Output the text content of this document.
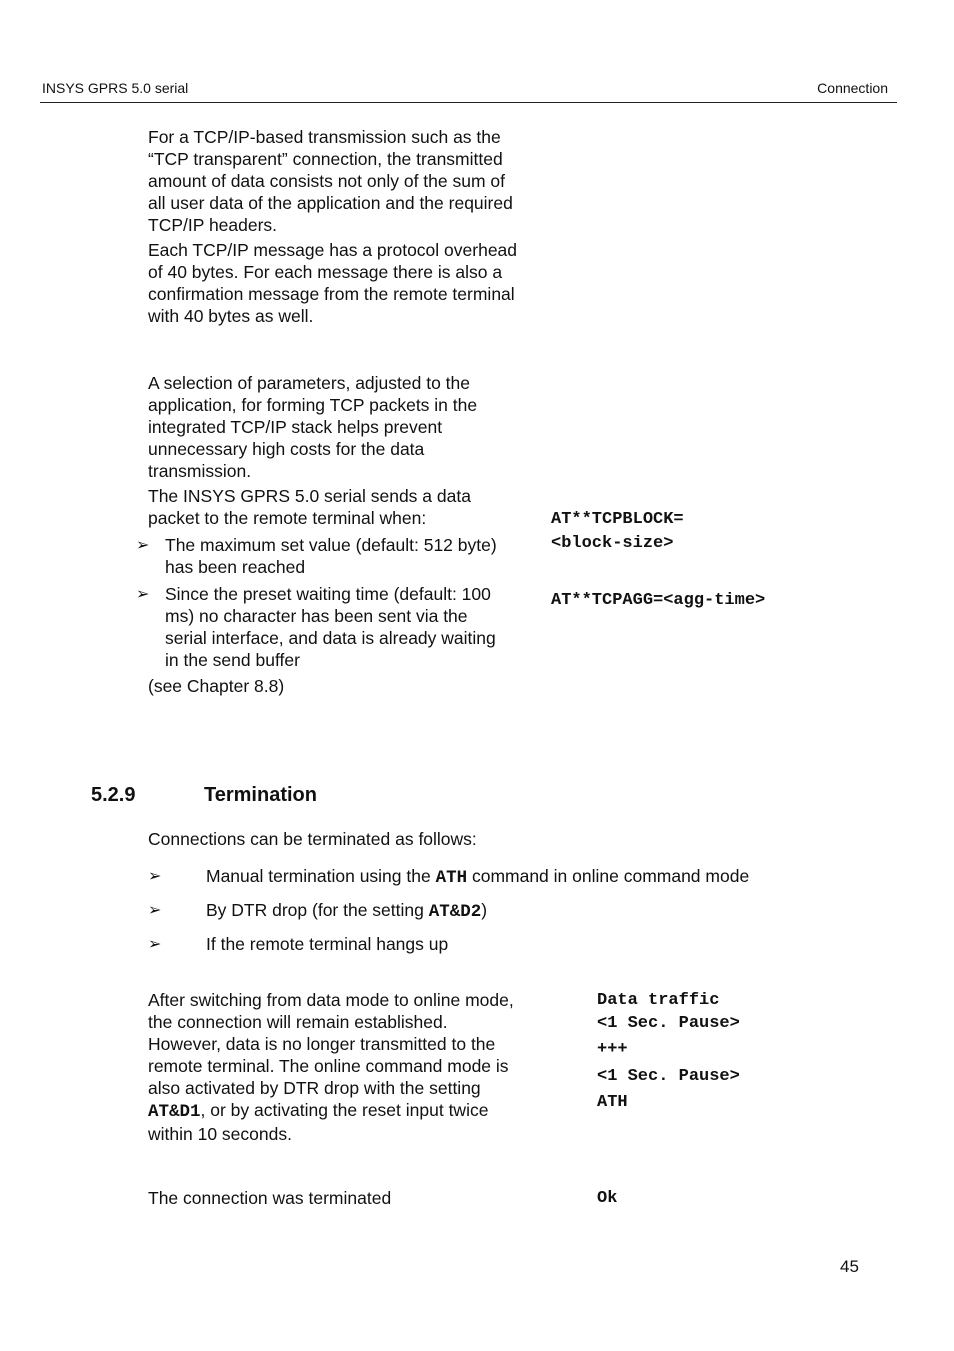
INSYS GPRS 5.0 serial	Connection

For a TCP/IP-based transmission such as the “TCP transparent” connection, the transmitted amount of data consists not only of the sum of all user data of the application and the required TCP/IP headers.

Each TCP/IP message has a protocol overhead of 40 bytes. For each message there is also a confirmation message from the remote terminal with 40 bytes as well.

A selection of parameters, adjusted to the application, for forming TCP packets in the integrated TCP/IP stack helps prevent unnecessary high costs for the data transmission.

The INSYS GPRS 5.0 serial sends a data packet to the remote terminal when:

➢ The maximum set value (default: 512 byte) has been reached

➢ Since the preset waiting time (default: 100 ms) no character has been sent via the serial interface, and data is already waiting in the send buffer

(see Chapter 8.8)

AT**TCPBLOCK=
<block-size>
AT**TCPAGG=<agg-time>
5.2.9	Termination

Connections can be terminated as follows:

➢	Manual termination using the ATH command in online command mode

➢	By DTR drop (for the setting AT&D2)

➢	If the remote terminal hangs up

After switching from data mode to online mode, the connection will remain established. However, data is no longer transmitted to the remote terminal. The online command mode is also activated by DTR drop with the setting AT&D1, or by activating the reset input twice within 10 seconds.

Data traffic
<1 Sec. Pause>
+++
<1 Sec. Pause>
ATH

The connection was terminated	Ok
45
